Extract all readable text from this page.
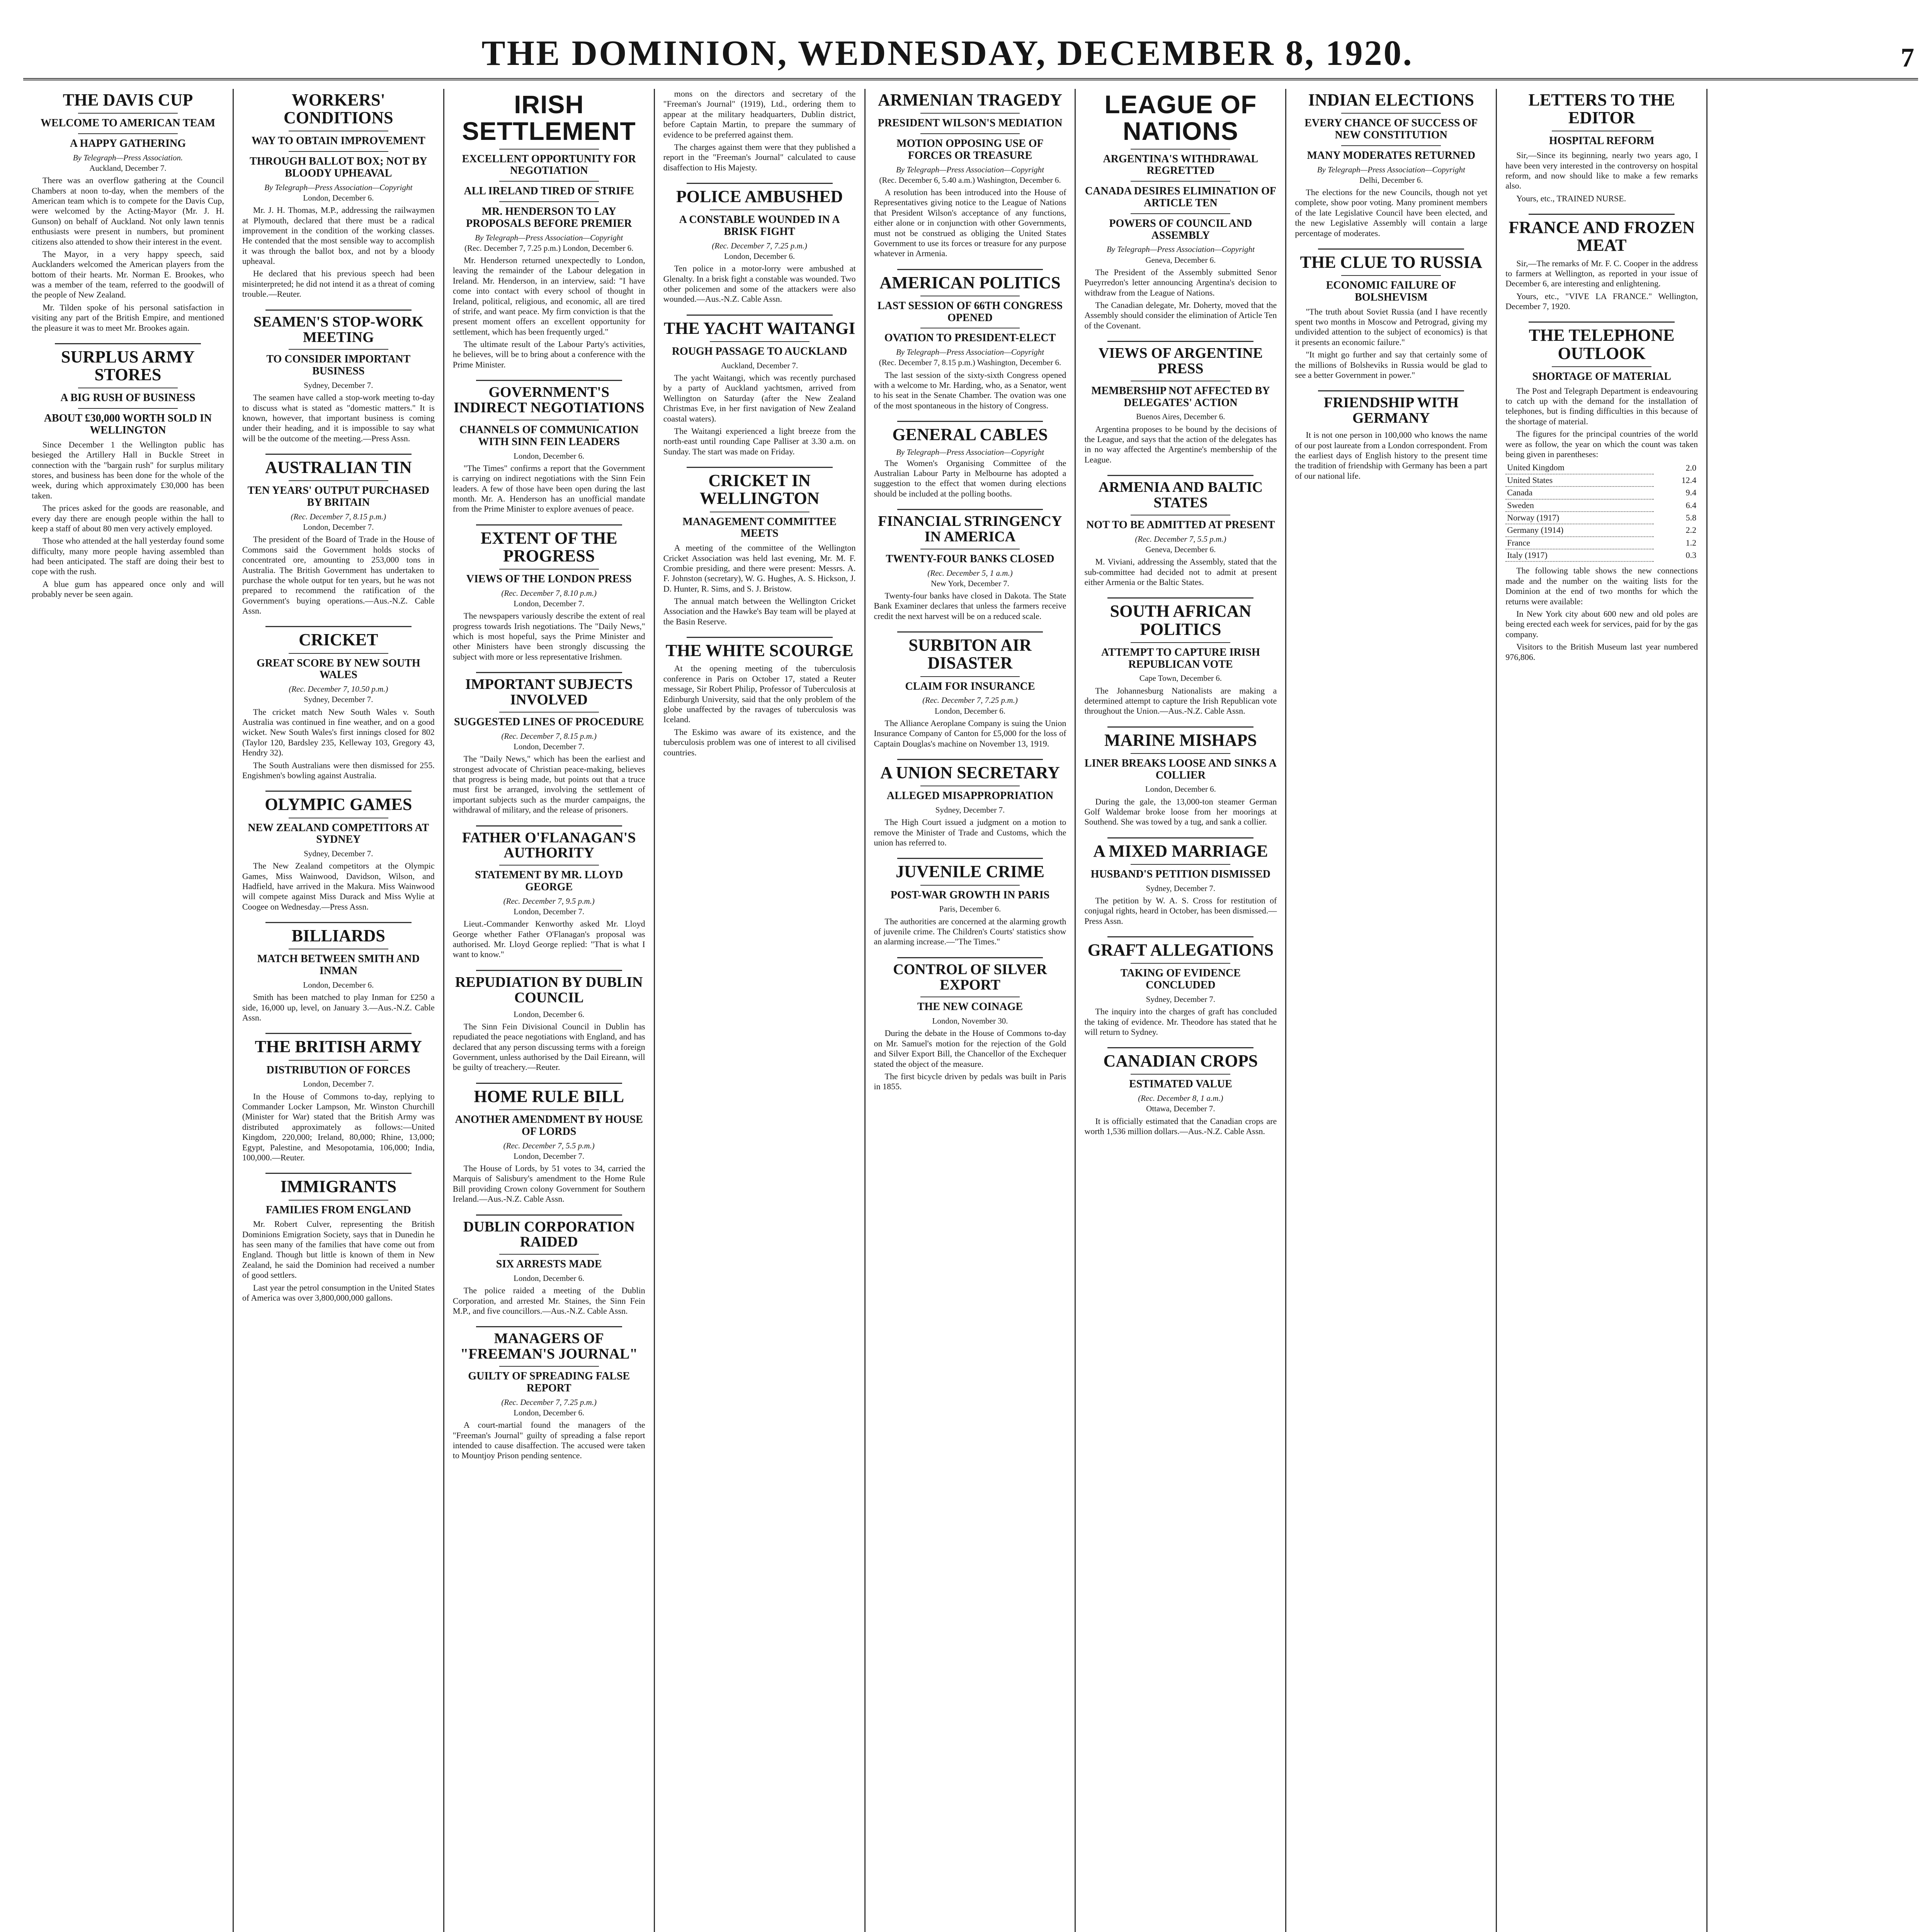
THE DOMINION, WEDNESDAY, DECEMBER 8, 1920.	7
THE DAVIS CUP
WELCOME TO AMERICAN TEAM
A HAPPY GATHERING
By Telegraph—Press Association.
Auckland, December 7.

There was an overflow gathering at the Council Chambers at noon to-day, when the members of the American team which is to compete for the Davis Cup, were welcomed by the Acting-Mayor (Mr. J. H. Gunson) on behalf of Auckland. Not only lawn tennis enthusiasts were present in numbers, but prominent citizens also attended to show their interest in the event.

The Mayor, in a very happy speech, said Aucklanders welcomed the American players from the bottom of their hearts. Mr. Norman E. Brookes, who was a member of the team, referred to the goodwill of the people of New Zealand.

Mr. Tilden spoke of his personal satisfaction in visiting any part of the British Empire, and mentioned the pleasure it was to meet Mr. Brookes again.

SURPLUS ARMY STORES
A BIG RUSH OF BUSINESS
ABOUT £30,000 WORTH SOLD IN WELLINGTON

Since December 1 the Wellington public has besieged the Artillery Hall in Buckle Street in connection with the "bargain rush" for surplus military stores, and business has been done for the whole of the week, during which approximately £30,000 has been taken.

The prices asked for the goods are reasonable, and every day there are enough people within the hall to keep a staff of about 80 men very actively employed.

Those who attended at the hall yesterday found some difficulty, many more people having assembled than had been anticipated. The staff are doing their best to cope with the rush.

A blue gum has appeared once only and will probably never be seen again.

WORKERS' CONDITIONS
WAY TO OBTAIN IMPROVEMENT
THROUGH BALLOT BOX; NOT BY BLOODY UPHEAVAL
By Telegraph—Press Association—Copyright
London, December 6.

Mr. J. H. Thomas, M.P., addressing the railwaymen at Plymouth, declared that there must be a radical improvement in the condition of the working classes. He contended that the most sensible way to accomplish it was through the ballot box, and not by a bloody upheaval.

He declared that his previous speech had been misinterpreted; he did not intend it as a threat of coming trouble.—Reuter.

SEAMEN'S STOP-WORK MEETING
TO CONSIDER IMPORTANT BUSINESS
Sydney, December 7.

The seamen have called a stop-work meeting to-day to discuss what is stated as "domestic matters." It is known, however, that important business is coming under their heading, and it is impossible to say what will be the outcome of the meeting.—Press Assn.

AUSTRALIAN TIN
TEN YEARS' OUTPUT PURCHASED BY BRITAIN
(Rec. December 7, 8.15 p.m.)
London, December 7.

The president of the Board of Trade in the House of Commons said the Government holds stocks of concentrated ore, amounting to 253,000 tons in Australia. The British Government has undertaken to purchase the whole output for ten years, but he was not prepared to recommend the ratification of the Government's buying operations.—Aus.-N.Z. Cable Assn.

CRICKET
GREAT SCORE BY NEW SOUTH WALES
(Rec. December 7, 10.50 p.m.)
Sydney, December 7.

The cricket match New South Wales v. South Australia was continued in fine weather, and on a good wicket. New South Wales's first innings closed for 802 (Taylor 120, Bardsley 235, Kelleway 103, Gregory 43, Hendry 32).

The South Australians were then dismissed for 255. Engishmen's bowling against Australia.

OLYMPIC GAMES
NEW ZEALAND COMPETITORS AT SYDNEY
Sydney, December 7.

The New Zealand competitors at the Olympic Games, Miss Wainwood, Davidson, Wilson, and Hadfield, have arrived in the Makura. Miss Wainwood will compete against Miss Durack and Miss Wylie at Coogee on Wednesday.—Press Assn.

BILLIARDS
MATCH BETWEEN SMITH AND INMAN
London, December 6.

Smith has been matched to play Inman for £250 a side, 16,000 up, level, on January 3.—Aus.-N.Z. Cable Assn.

THE BRITISH ARMY
DISTRIBUTION OF FORCES
London, December 7.

In the House of Commons to-day, replying to Commander Locker Lampson, Mr. Winston Churchill (Minister for War) stated that the British Army was distributed approximately as follows:—United Kingdom, 220,000; Ireland, 80,000; Rhine, 13,000; Egypt, Palestine, and Mesopotamia, 106,000; India, 100,000.—Reuter.

IMMIGRANTS
FAMILIES FROM ENGLAND

Mr. Robert Culver, representing the British Dominions Emigration Society, says that in Dunedin he has seen many of the families that have come out from England. Though but little is known of them in New Zealand, he said the Dominion had received a number of good settlers.

Last year the petrol consumption in the United States of America was over 3,800,000,000 gallons.

IRISH SETTLEMENT
EXCELLENT OPPORTUNITY FOR NEGOTIATION
ALL IRELAND TIRED OF STRIFE
MR. HENDERSON TO LAY PROPOSALS BEFORE PREMIER
By Telegraph—Press Association—Copyright
(Rec. December 7, 7.25 p.m.) London, December 6.

Mr. Henderson returned unexpectedly to London, leaving the remainder of the Labour delegation in Ireland. Mr. Henderson, in an interview, said: "I have come into contact with every school of thought in Ireland, political, religious, and economic, all are tired of strife, and want peace. My firm conviction is that the present moment offers an excellent opportunity for settlement, which has been frequently urged."

The ultimate result of the Labour Party's activities, he believes, will be to bring about a conference with the Prime Minister.

GOVERNMENT'S INDIRECT NEGOTIATIONS
CHANNELS OF COMMUNICATION WITH SINN FEIN LEADERS
London, December 6.

"The Times" confirms a report that the Government is carrying on indirect negotiations with the Sinn Fein leaders. A few of those have been open during the last month. Mr. A. Henderson has an unofficial mandate from the Prime Minister to explore avenues of peace.

EXTENT OF THE PROGRESS
VIEWS OF THE LONDON PRESS
(Rec. December 7, 8.10 p.m.)
London, December 7.

The newspapers variously describe the extent of real progress towards Irish negotiations. The "Daily News," which is most hopeful, says the Prime Minister and other Ministers have been strongly discussing the subject with more or less representative Irishmen.

IMPORTANT SUBJECTS INVOLVED
SUGGESTED LINES OF PROCEDURE
(Rec. December 7, 8.15 p.m.)
London, December 7.

The "Daily News," which has been the earliest and strongest advocate of Christian peace-making, believes that progress is being made, but points out that a truce must first be arranged, involving the settlement of important subjects such as the murder campaigns, the withdrawal of military, and the release of prisoners.

FATHER O'FLANAGAN'S AUTHORITY
STATEMENT BY MR. LLOYD GEORGE
(Rec. December 7, 9.5 p.m.)
London, December 7.

Lieut.-Commander Kenworthy asked Mr. Lloyd George whether Father O'Flanagan's proposal was authorised. Mr. Lloyd George replied: "That is what I want to know."

REPUDIATION BY DUBLIN COUNCIL
London, December 6.

The Sinn Fein Divisional Council in Dublin has repudiated the peace negotiations with England, and has declared that any person discussing terms with a foreign Government, unless authorised by the Dail Eireann, will be guilty of treachery.—Reuter.

HOME RULE BILL
ANOTHER AMENDMENT BY HOUSE OF LORDS
(Rec. December 7, 5.5 p.m.)
London, December 7.

The House of Lords, by 51 votes to 34, carried the Marquis of Salisbury's amendment to the Home Rule Bill providing Crown colony Government for Southern Ireland.—Aus.-N.Z. Cable Assn.

DUBLIN CORPORATION RAIDED
SIX ARRESTS MADE
London, December 6.

The police raided a meeting of the Dublin Corporation, and arrested Mr. Staines, the Sinn Fein M.P., and five councillors.—Aus.-N.Z. Cable Assn.

MANAGERS OF "FREEMAN'S JOURNAL"
GUILTY OF SPREADING FALSE REPORT
(Rec. December 7, 7.25 p.m.)
London, December 6.

A court-martial found the managers of the "Freeman's Journal" guilty of spreading a false report intended to cause disaffection. The accused were taken to Mountjoy Prison pending sentence.

mons on the directors and secretary of the "Freeman's Journal" (1919), Ltd., ordering them to appear at the military headquarters, Dublin district, before Captain Martin, to prepare the summary of evidence to be preferred against them.

The charges against them were that they published a report in the "Freeman's Journal" calculated to cause disaffection to His Majesty.

POLICE AMBUSHED
A CONSTABLE WOUNDED IN A BRISK FIGHT
(Rec. December 7, 7.25 p.m.)
London, December 6.

Ten police in a motor-lorry were ambushed at Glenalty. In a brisk fight a constable was wounded. Two other policemen and some of the attackers were also wounded.—Aus.-N.Z. Cable Assn.

THE YACHT WAITANGI
ROUGH PASSAGE TO AUCKLAND
Auckland, December 7.

The yacht Waitangi, which was recently purchased by a party of Auckland yachtsmen, arrived from Wellington on Saturday (after the New Zealand Christmas Eve, in her first navigation of New Zealand coastal waters).

The Waitangi experienced a light breeze from the north-east until rounding Cape Palliser at 3.30 a.m. on Sunday. The start was made on Friday.

CRICKET IN WELLINGTON
MANAGEMENT COMMITTEE MEETS

A meeting of the committee of the Wellington Cricket Association was held last evening, Mr. M. F. Crombie presiding, and there were present: Messrs. A. F. Johnston (secretary), W. G. Hughes, A. S. Hickson, J. D. Hunter, R. Sims, and S. J. Bristow.

The annual match between the Wellington Cricket Association and the Hawke's Bay team will be played at the Basin Reserve.

THE WHITE SCOURGE

At the opening meeting of the tuberculosis conference in Paris on October 17, stated a Reuter message, Sir Robert Philip, Professor of Tuberculosis at Edinburgh University, said that the only problem of the globe unaffected by the ravages of tuberculosis was Iceland.

The Eskimo was aware of its existence, and the tuberculosis problem was one of interest to all civilised countries.

ARMENIAN TRAGEDY
PRESIDENT WILSON'S MEDIATION
MOTION OPPOSING USE OF FORCES OR TREASURE
By Telegraph—Press Association—Copyright
(Rec. December 6, 5.40 a.m.) Washington, December 6.

A resolution has been introduced into the House of Representatives giving notice to the League of Nations that President Wilson's acceptance of any functions, either alone or in conjunction with other Governments, must not be construed as obliging the United States Government to use its forces or treasure for any purpose whatever in Armenia.

AMERICAN POLITICS
LAST SESSION OF 66TH CONGRESS OPENED
OVATION TO PRESIDENT-ELECT
By Telegraph—Press Association—Copyright
(Rec. December 7, 8.15 p.m.) Washington, December 6.

The last session of the sixty-sixth Congress opened with a welcome to Mr. Harding, who, as a Senator, went to his seat in the Senate Chamber. The ovation was one of the most spontaneous in the history of Congress.

GENERAL CABLES
By Telegraph—Press Association—Copyright

The Women's Organising Committee of the Australian Labour Party in Melbourne has adopted a suggestion to the effect that women during elections should be included at the polling booths.

FINANCIAL STRINGENCY IN AMERICA
TWENTY-FOUR BANKS CLOSED
(Rec. December 5, 1 a.m.)
New York, December 7.

Twenty-four banks have closed in Dakota. The State Bank Examiner declares that unless the farmers receive credit the next harvest will be on a reduced scale.

SURBITON AIR DISASTER
CLAIM FOR INSURANCE
(Rec. December 7, 7.25 p.m.)
London, December 6.

The Alliance Aeroplane Company is suing the Union Insurance Company of Canton for £5,000 for the loss of Captain Douglas's machine on November 13, 1919.

A UNION SECRETARY
ALLEGED MISAPPROPRIATION
Sydney, December 7.

The High Court issued a judgment on a motion to remove the Minister of Trade and Customs, which the union has referred to.

JUVENILE CRIME
POST-WAR GROWTH IN PARIS
Paris, December 6.

The authorities are concerned at the alarming growth of juvenile crime. The Children's Courts' statistics show an alarming increase.—"The Times."

CONTROL OF SILVER EXPORT
THE NEW COINAGE
London, November 30.

During the debate in the House of Commons to-day on Mr. Samuel's motion for the rejection of the Gold and Silver Export Bill, the Chancellor of the Exchequer stated the object of the measure.

The first bicycle driven by pedals was built in Paris in 1855.

LEAGUE OF NATIONS
ARGENTINA'S WITHDRAWAL REGRETTED
CANADA DESIRES ELIMINATION OF ARTICLE TEN
POWERS OF COUNCIL AND ASSEMBLY
By Telegraph—Press Association—Copyright
Geneva, December 6.

The President of the Assembly submitted Senor Pueyrredon's letter announcing Argentina's decision to withdraw from the League of Nations.

The Canadian delegate, Mr. Doherty, moved that the Assembly should consider the elimination of Article Ten of the Covenant.

VIEWS OF ARGENTINE PRESS
MEMBERSHIP NOT AFFECTED BY DELEGATES' ACTION
Buenos Aires, December 6.

Argentina proposes to be bound by the decisions of the League, and says that the action of the delegates has in no way affected the Argentine's membership of the League.

ARMENIA AND BALTIC STATES
NOT TO BE ADMITTED AT PRESENT
(Rec. December 7, 5.5 p.m.)
Geneva, December 6.

M. Viviani, addressing the Assembly, stated that the sub-committee had decided not to admit at present either Armenia or the Baltic States.

SOUTH AFRICAN POLITICS
ATTEMPT TO CAPTURE IRISH REPUBLICAN VOTE
Cape Town, December 6.

The Johannesburg Nationalists are making a determined attempt to capture the Irish Republican vote throughout the Union.—Aus.-N.Z. Cable Assn.

MARINE MISHAPS
LINER BREAKS LOOSE AND SINKS A COLLIER
London, December 6.

During the gale, the 13,000-ton steamer German Golf Waldemar broke loose from her moorings at Southend. She was towed by a tug, and sank a collier.

A MIXED MARRIAGE
HUSBAND'S PETITION DISMISSED
Sydney, December 7.

The petition by W. A. S. Cross for restitution of conjugal rights, heard in October, has been dismissed.—Press Assn.

GRAFT ALLEGATIONS
TAKING OF EVIDENCE CONCLUDED
Sydney, December 7.

The inquiry into the charges of graft has concluded the taking of evidence. Mr. Theodore has stated that he will return to Sydney.

CANADIAN CROPS
ESTIMATED VALUE
(Rec. December 8, 1 a.m.)
Ottawa, December 7.

It is officially estimated that the Canadian crops are worth 1,536 million dollars.—Aus.-N.Z. Cable Assn.

INDIAN ELECTIONS
EVERY CHANCE OF SUCCESS OF NEW CONSTITUTION
MANY MODERATES RETURNED
By Telegraph—Press Association—Copyright
Delhi, December 6.

The elections for the new Councils, though not yet complete, show poor voting. Many prominent members of the late Legislative Council have been elected, and the new Legislative Assembly will contain a large percentage of moderates.

THE CLUE TO RUSSIA
ECONOMIC FAILURE OF BOLSHEVISM

"The truth about Soviet Russia (and I have recently spent two months in Moscow and Petrograd, giving my undivided attention to the subject of economics) is that it presents an economic failure."

"It might go further and say that certainly some of the millions of Bolsheviks in Russia would be glad to see a better Government in power."

FRIENDSHIP WITH GERMANY

It is not one person in 100,000 who knows the name of our post laureate from a London correspondent. From the earliest days of English history to the present time the tradition of friendship with Germany has been a part of our national life.

LETTERS TO THE EDITOR
HOSPITAL REFORM

Sir,—Since its beginning, nearly two years ago, I have been very interested in the controversy on hospital reform, and now should like to make a few remarks also.

Yours, etc., TRAINED NURSE.

FRANCE AND FROZEN MEAT

Sir,—The remarks of Mr. F. C. Cooper in the address to farmers at Wellington, as reported in your issue of December 6, are interesting and enlightening.

Yours, etc., "VIVE LA FRANCE." Wellington, December 7, 1920.

THE TELEPHONE OUTLOOK
SHORTAGE OF MATERIAL

The Post and Telegraph Department is endeavouring to catch up with the demand for the installation of telephones, but is finding difficulties in this because of the shortage of material.

The figures for the principal countries of the world were as follow, the year on which the count was taken being given in parentheses:

United Kingdom	2.0
United States	12.4
Canada	9.4
Sweden	6.4
Norway (1917)	5.8
Germany (1914)	2.2
France	1.2
Italy (1917)	0.3

The following table shows the new connections made and the number on the waiting lists for the Dominion at the end of two months for which the returns were available:

In New York city about 600 new and old poles are being erected each week for services, paid for by the gas company.

Visitors to the British Museum last year numbered 976,806.
